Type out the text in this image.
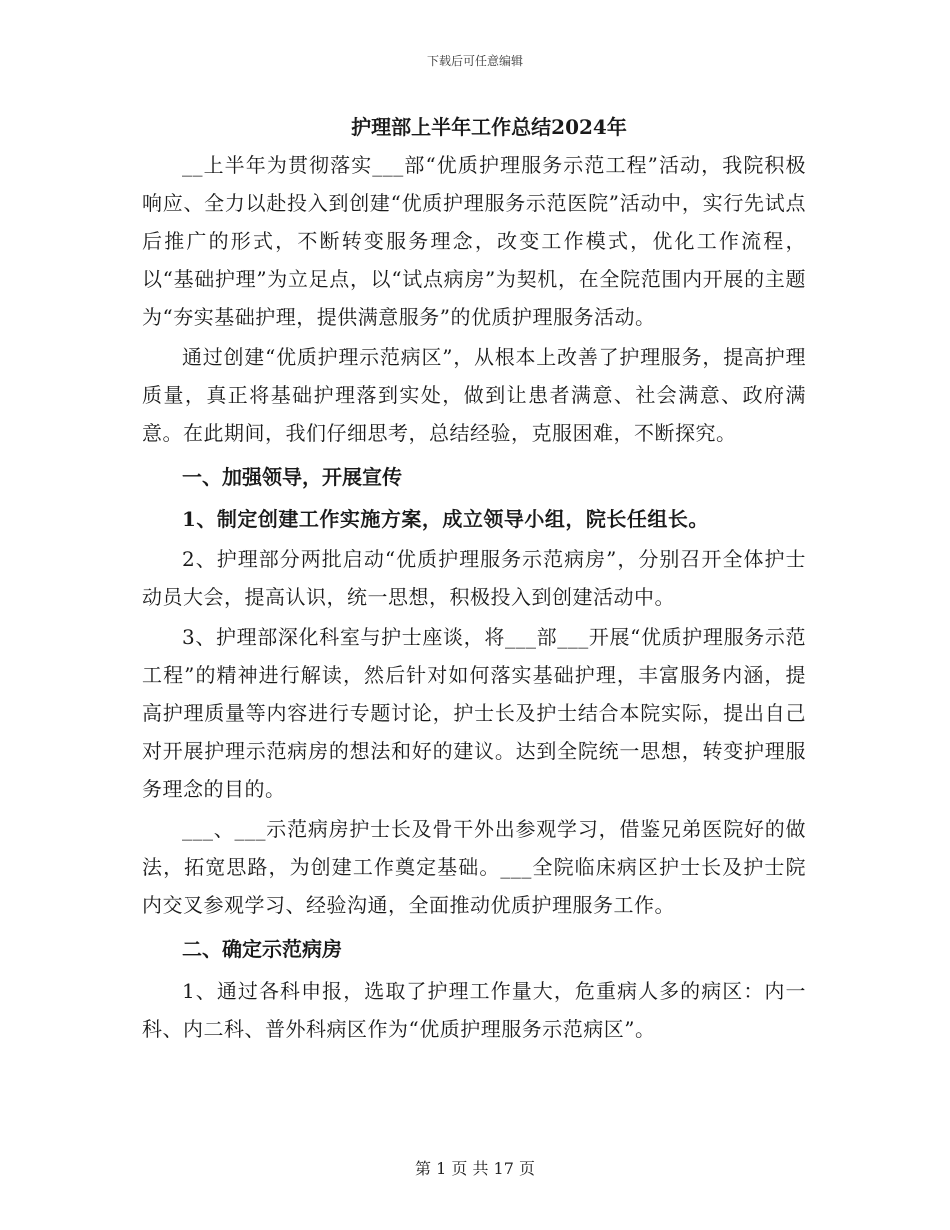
下载后可任意编辑
护理部上半年工作总结2024年

__上半年为贯彻落实___部“优质护理服务示范工程”活动，我院积极响应、全力以赴投入到创建“优质护理服务示范医院”活动中，实行先试点后推广的形式，不断转变服务理念，改变工作模式，优化工作流程，以“基础护理”为立足点，以“试点病房”为契机，在全院范围内开展的主题为“夯实基础护理，提供满意服务”的优质护理服务活动。

通过创建“优质护理示范病区”，从根本上改善了护理服务，提高护理质量，真正将基础护理落到实处，做到让患者满意、社会满意、政府满意。在此期间，我们仔细思考，总结经验，克服困难，不断探究。

一、加强领导，开展宣传

1、制定创建工作实施方案，成立领导小组，院长任组长。

2、护理部分两批启动“优质护理服务示范病房”，分别召开全体护士动员大会，提高认识，统一思想，积极投入到创建活动中。

3、护理部深化科室与护士座谈，将___部___开展“优质护理服务示范工程”的精神进行解读，然后针对如何落实基础护理，丰富服务内涵，提高护理质量等内容进行专题讨论，护士长及护士结合本院实际，提出自己对开展护理示范病房的想法和好的建议。达到全院统一思想，转变护理服务理念的目的。

___、___示范病房护士长及骨干外出参观学习，借鉴兄弟医院好的做法，拓宽思路，为创建工作奠定基础。___全院临床病区护士长及护士院内交叉参观学习、经验沟通，全面推动优质护理服务工作。

二、确定示范病房

1、通过各科申报，选取了护理工作量大，危重病人多的病区：内一科、内二科、普外科病区作为“优质护理服务示范病区”。

第 1 页 共 17 页
